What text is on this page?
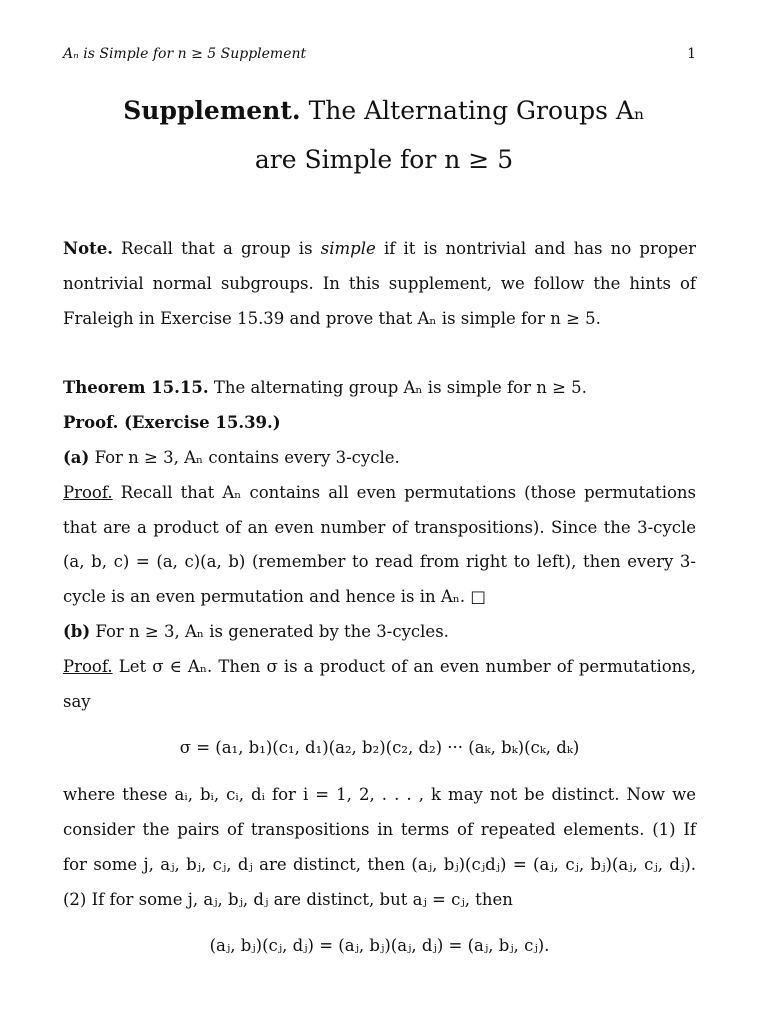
Aₙ is Simple for n ≥ 5 Supplement	1
Supplement. The Alternating Groups Aₙ
are Simple for n ≥ 5
Note. Recall that a group is simple if it is nontrivial and has no proper nontrivial normal subgroups. In this supplement, we follow the hints of Fraleigh in Exercise 15.39 and prove that Aₙ is simple for n ≥ 5.
Theorem 15.15. The alternating group Aₙ is simple for n ≥ 5.
Proof. (Exercise 15.39.)
(a) For n ≥ 3, Aₙ contains every 3-cycle.
Proof. Recall that Aₙ contains all even permutations (those permutations that are a product of an even number of transpositions). Since the 3-cycle (a, b, c) = (a, c)(a, b) (remember to read from right to left), then every 3-cycle is an even permutation and hence is in Aₙ. □
(b) For n ≥ 3, Aₙ is generated by the 3-cycles.
Proof. Let σ ∈ Aₙ. Then σ is a product of an even number of permutations, say
σ = (a₁, b₁)(c₁, d₁)(a₂, b₂)(c₂, d₂) ··· (aₖ, bₖ)(cₖ, dₖ)
where these aᵢ, bᵢ, cᵢ, dᵢ for i = 1, 2, . . . , k may not be distinct. Now we consider the pairs of transpositions in terms of repeated elements. (1) If for some j, aⱼ, bⱼ, cⱼ, dⱼ are distinct, then (aⱼ, bⱼ)(cⱼdⱼ) = (aⱼ, cⱼ, bⱼ)(aⱼ, cⱼ, dⱼ). (2) If for some j, aⱼ, bⱼ, dⱼ are distinct, but aⱼ = cⱼ, then
(aⱼ, bⱼ)(cⱼ, dⱼ) = (aⱼ, bⱼ)(aⱼ, dⱼ) = (aⱼ, bⱼ, cⱼ).
